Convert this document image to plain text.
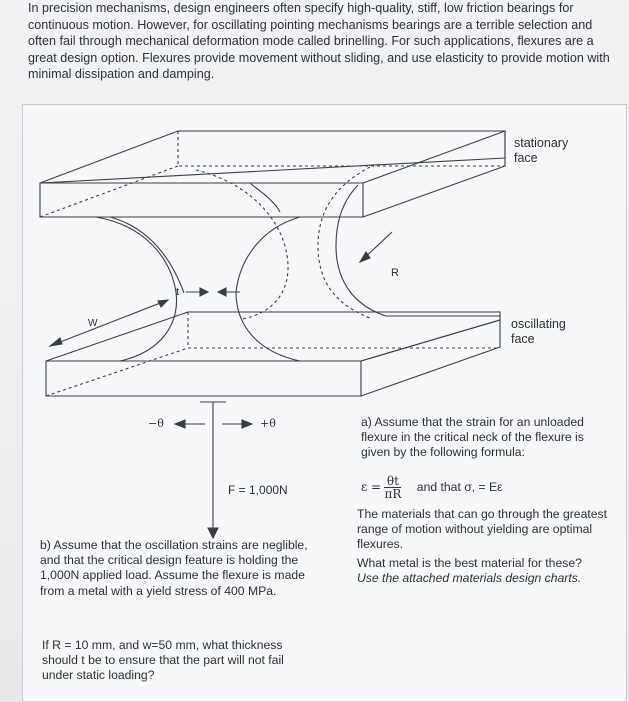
In precision mechanisms, design engineers often specify high-quality, stiff, low friction bearings for continuous motion. However, for oscillating pointing mechanisms bearings are a terrible selection and often fail through mechanical deformation mode called brinelling. For such applications, flexures are a great design option. Flexures provide movement without sliding, and use elasticity to provide motion with minimal dissipation and damping.
stationary
face
oscillating
face
R
t
W
−θ	+θ
F = 1,000N
a) Assume that the strain for an unloaded flexure in the critical neck of the flexure is given by the following formula:
$\varepsilon = \frac{\theta t}{\pi R}$ and that σ, = Eε
The materials that can go through the greatest range of motion without yielding are optimal flexures.
What metal is the best material for these?
Use the attached materials design charts.
b) Assume that the oscillation strains are neglible, and that the critical design feature is holding the 1,000N applied load. Assume the flexure is made from a metal with a yield stress of 400 MPa.
If R = 10 mm, and w=50 mm, what thickness should t be to ensure that the part will not fail under static loading?
